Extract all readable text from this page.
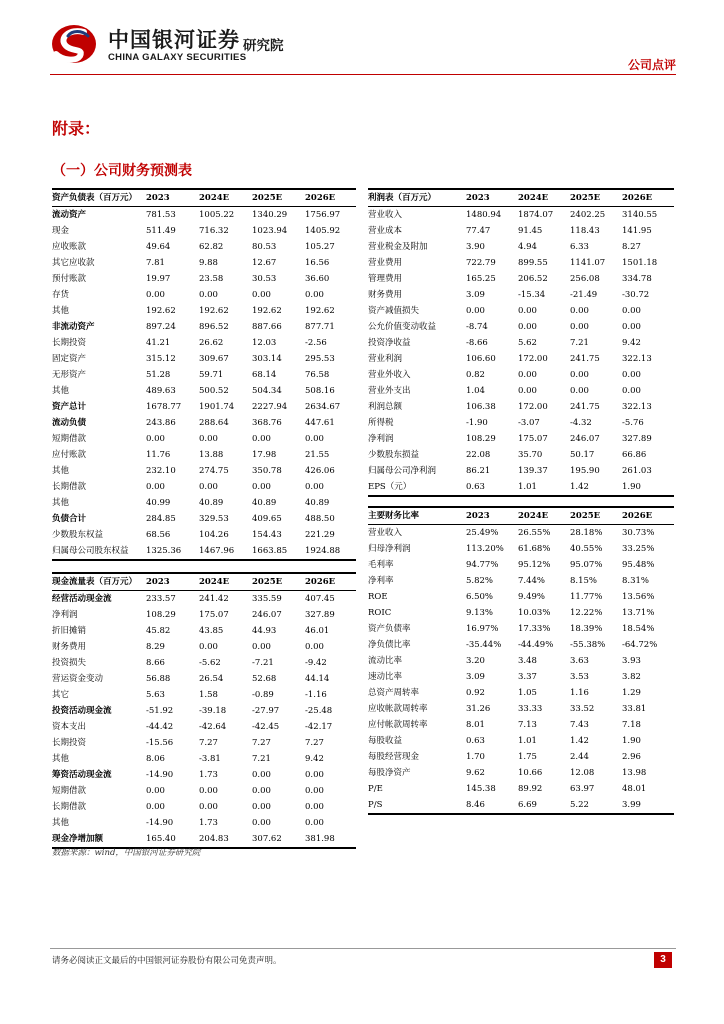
中国银河证券
CHINA GALAXY SECURITIES
研究院
公司点评
附录：
（一）公司财务预测表
资产负债表（百万元）	2023	2024E	2025E	2026E
流动资产	781.53	1005.22	1340.29	1756.97
现金	511.49	716.32	1023.94	1405.92
应收账款	49.64	62.82	80.53	105.27
其它应收款	7.81	9.88	12.67	16.56
预付账款	19.97	23.58	30.53	36.60
存货	0.00	0.00	0.00	0.00
其他	192.62	192.62	192.62	192.62
非流动资产	897.24	896.52	887.66	877.71
长期投资	41.21	26.62	12.03	-2.56
固定资产	315.12	309.67	303.14	295.53
无形资产	51.28	59.71	68.14	76.58
其他	489.63	500.52	504.34	508.16
资产总计	1678.77	1901.74	2227.94	2634.67
流动负债	243.86	288.64	368.76	447.61
短期借款	0.00	0.00	0.00	0.00
应付账款	11.76	13.88	17.98	21.55
其他	232.10	274.75	350.78	426.06
长期借款	0.00	0.00	0.00	0.00
其他	40.99	40.89	40.89	40.89
负债合计	284.85	329.53	409.65	488.50
少数股东权益	68.56	104.26	154.43	221.29
归属母公司股东权益	1325.36	1467.96	1663.85	1924.88
利润表（百万元）	2023	2024E	2025E	2026E
营业收入	1480.94	1874.07	2402.25	3140.55
营业成本	77.47	91.45	118.43	141.95
营业税金及附加	3.90	4.94	6.33	8.27
营业费用	722.79	899.55	1141.07	1501.18
管理费用	165.25	206.52	256.08	334.78
财务费用	3.09	-15.34	-21.49	-30.72
资产减值损失	0.00	0.00	0.00	0.00
公允价值变动收益	-8.74	0.00	0.00	0.00
投资净收益	-8.66	5.62	7.21	9.42
营业利润	106.60	172.00	241.75	322.13
营业外收入	0.82	0.00	0.00	0.00
营业外支出	1.04	0.00	0.00	0.00
利润总额	106.38	172.00	241.75	322.13
所得税	-1.90	-3.07	-4.32	-5.76
净利润	108.29	175.07	246.07	327.89
少数股东损益	22.08	35.70	50.17	66.86
归属母公司净利润	86.21	139.37	195.90	261.03
EPS（元）	0.63	1.01	1.42	1.90
现金流量表（百万元）	2023	2024E	2025E	2026E
经营活动现金流	233.57	241.42	335.59	407.45
净利润	108.29	175.07	246.07	327.89
折旧摊销	45.82	43.85	44.93	46.01
财务费用	8.29	0.00	0.00	0.00
投资损失	8.66	-5.62	-7.21	-9.42
营运资金变动	56.88	26.54	52.68	44.14
其它	5.63	1.58	-0.89	-1.16
投资活动现金流	-51.92	-39.18	-27.97	-25.48
资本支出	-44.42	-42.64	-42.45	-42.17
长期投资	-15.56	7.27	7.27	7.27
其他	8.06	-3.81	7.21	9.42
筹资活动现金流	-14.90	1.73	0.00	0.00
短期借款	0.00	0.00	0.00	0.00
长期借款	0.00	0.00	0.00	0.00
其他	-14.90	1.73	0.00	0.00
现金净增加额	165.40	204.83	307.62	381.98
主要财务比率	2023	2024E	2025E	2026E
营业收入	25.49%	26.55%	28.18%	30.73%
归母净利润	113.20%	61.68%	40.55%	33.25%
毛利率	94.77%	95.12%	95.07%	95.48%
净利率	5.82%	7.44%	8.15%	8.31%
ROE	6.50%	9.49%	11.77%	13.56%
ROIC	9.13%	10.03%	12.22%	13.71%
资产负债率	16.97%	17.33%	18.39%	18.54%
净负债比率	-35.44%	-44.49%	-55.38%	-64.72%
流动比率	3.20	3.48	3.63	3.93
速动比率	3.09	3.37	3.53	3.82
总资产周转率	0.92	1.05	1.16	1.29
应收帐款周转率	31.26	33.33	33.52	33.81
应付帐款周转率	8.01	7.13	7.43	7.18
每股收益	0.63	1.01	1.42	1.90
每股经营现金	1.70	1.75	2.44	2.96
每股净资产	9.62	10.66	12.08	13.98
P/E	145.38	89.92	63.97	48.01
P/S	8.46	6.69	5.22	3.99
数据来源：wind，中国银河证券研究院
请务必阅读正文最后的中国银河证券股份有限公司免责声明。	3
